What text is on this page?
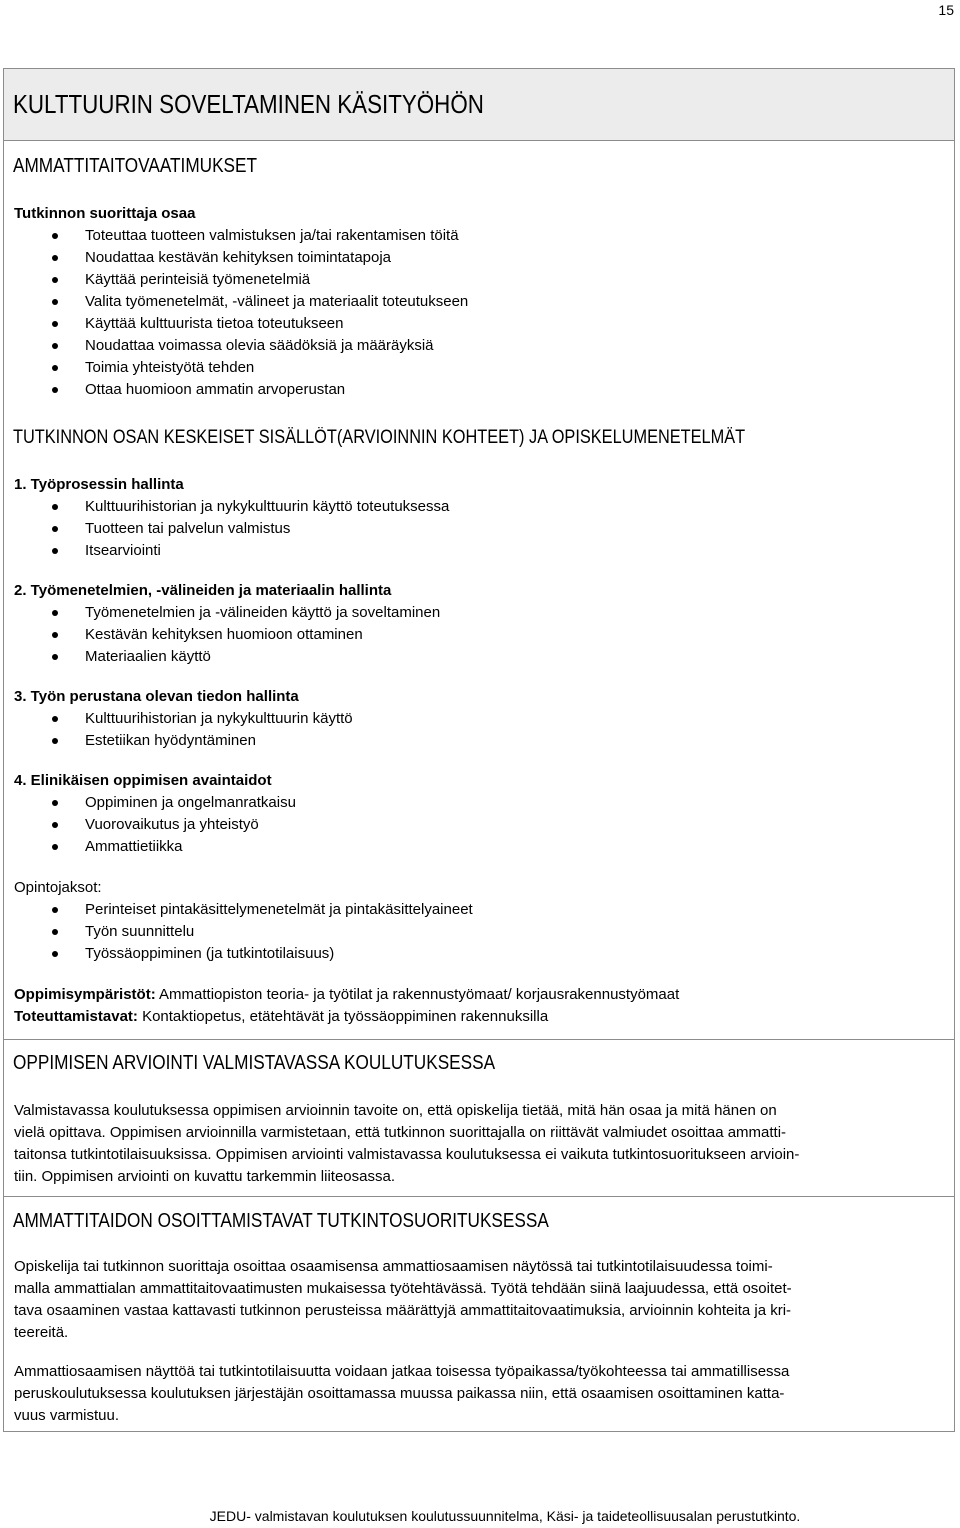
15
KULTTUURIN SOVELTAMINEN KÄSITYÖHÖN
AMMATTITAITOVAATIMUKSET
Tutkinnon suorittaja osaa
Toteuttaa tuotteen valmistuksen ja/tai rakentamisen töitä
Noudattaa kestävän kehityksen toimintatapoja
Käyttää perinteisiä työmenetelmiä
Valita työmenetelmät, -välineet ja materiaalit toteutukseen
Käyttää kulttuurista tietoa toteutukseen
Noudattaa voimassa olevia säädöksiä ja määräyksiä
Toimia yhteistyötä tehden
Ottaa huomioon ammatin arvoperustan
TUTKINNON OSAN KESKEISET SISÄLLÖT(ARVIOINNIN KOHTEET) JA OPISKELUMENETELMÄT
1. Työprosessin hallinta
Kulttuurihistorian ja nykykulttuurin käyttö toteutuksessa
Tuotteen tai palvelun valmistus
Itsearviointi
2. Työmenetelmien, -välineiden ja materiaalin hallinta
Työmenetelmien ja -välineiden käyttö ja soveltaminen
Kestävän kehityksen huomioon ottaminen
Materiaalien käyttö
3. Työn perustana olevan tiedon hallinta
Kulttuurihistorian ja nykykulttuurin käyttö
Estetiikan hyödyntäminen
4. Elinikäisen oppimisen avaintaidot
Oppiminen ja ongelmanratkaisu
Vuorovaikutus ja yhteistyö
Ammattietiikka
Opintojaksot:
Perinteiset pintakäsittelymenetelmät ja pintakäsittelyaineet
Työn suunnittelu
Työssäoppiminen (ja tutkintotilaisuus)
Oppimisympäristöt: Ammattiopiston teoria- ja työtilat ja rakennustyömaat/ korjausrakennustyömaat
Toteuttamistavat: Kontaktiopetus, etätehtävät ja työssäoppiminen rakennuksilla
OPPIMISEN ARVIOINTI VALMISTAVASSA KOULUTUKSESSA
Valmistavassa koulutuksessa oppimisen arvioinnin tavoite on, että opiskelija tietää, mitä hän osaa ja mitä hänen on
vielä opittava. Oppimisen arvioinnilla varmistetaan, että tutkinnon suorittajalla on riittävät valmiudet osoittaa ammatti-
taitonsa tutkintotilaisuuksissa. Oppimisen arviointi valmistavassa koulutuksessa ei vaikuta tutkintosuoritukseen arvioin-
tiin. Oppimisen arviointi on kuvattu tarkemmin liiteosassa.
AMMATTITAIDON OSOITTAMISTAVAT TUTKINTOSUORITUKSESSA
Opiskelija tai tutkinnon suorittaja osoittaa osaamisensa ammattiosaamisen näytössä tai tutkintotilaisuudessa toimi-
malla ammattialan ammattitaitovaatimusten mukaisessa työtehtävässä. Työtä tehdään siinä laajuudessa, että osoitet-
tava osaaminen vastaa kattavasti tutkinnon perusteissa määrättyjä ammattitaitovaatimuksia, arvioinnin kohteita ja kri-
teereitä.
Ammattiosaamisen näyttöä tai tutkintotilaisuutta voidaan jatkaa toisessa työpaikassa/työkohteessa tai ammatillisessa
peruskoulutuksessa koulutuksen järjestäjän osoittamassa muussa paikassa niin, että osaamisen osoittaminen katta-
vuus varmistuu.
JEDU- valmistavan koulutuksen koulutussuunnitelma, Käsi- ja taideteollisuusalan perustutkinto.
